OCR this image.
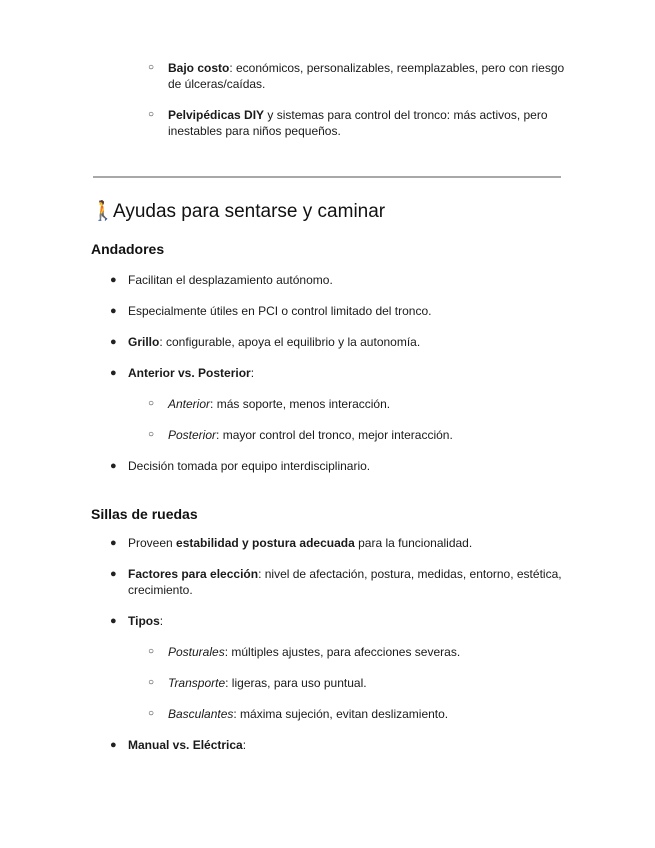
○ Bajo costo: económicos, personalizables, reemplazables, pero con riesgo de úlceras/caídas.
○ Pelvipédicas DIY y sistemas para control del tronco: más activos, pero inestables para niños pequeños.
🚶Ayudas para sentarse y caminar
Andadores
● Facilitan el desplazamiento autónomo.
● Especialmente útiles en PCI o control limitado del tronco.
● Grillo: configurable, apoya el equilibrio y la autonomía.
● Anterior vs. Posterior:
○ Anterior: más soporte, menos interacción.
○ Posterior: mayor control del tronco, mejor interacción.
● Decisión tomada por equipo interdisciplinario.
Sillas de ruedas
● Proveen estabilidad y postura adecuada para la funcionalidad.
● Factores para elección: nivel de afectación, postura, medidas, entorno, estética, crecimiento.
● Tipos:
○ Posturales: múltiples ajustes, para afecciones severas.
○ Transporte: ligeras, para uso puntual.
○ Basculantes: máxima sujeción, evitan deslizamiento.
● Manual vs. Eléctrica:
